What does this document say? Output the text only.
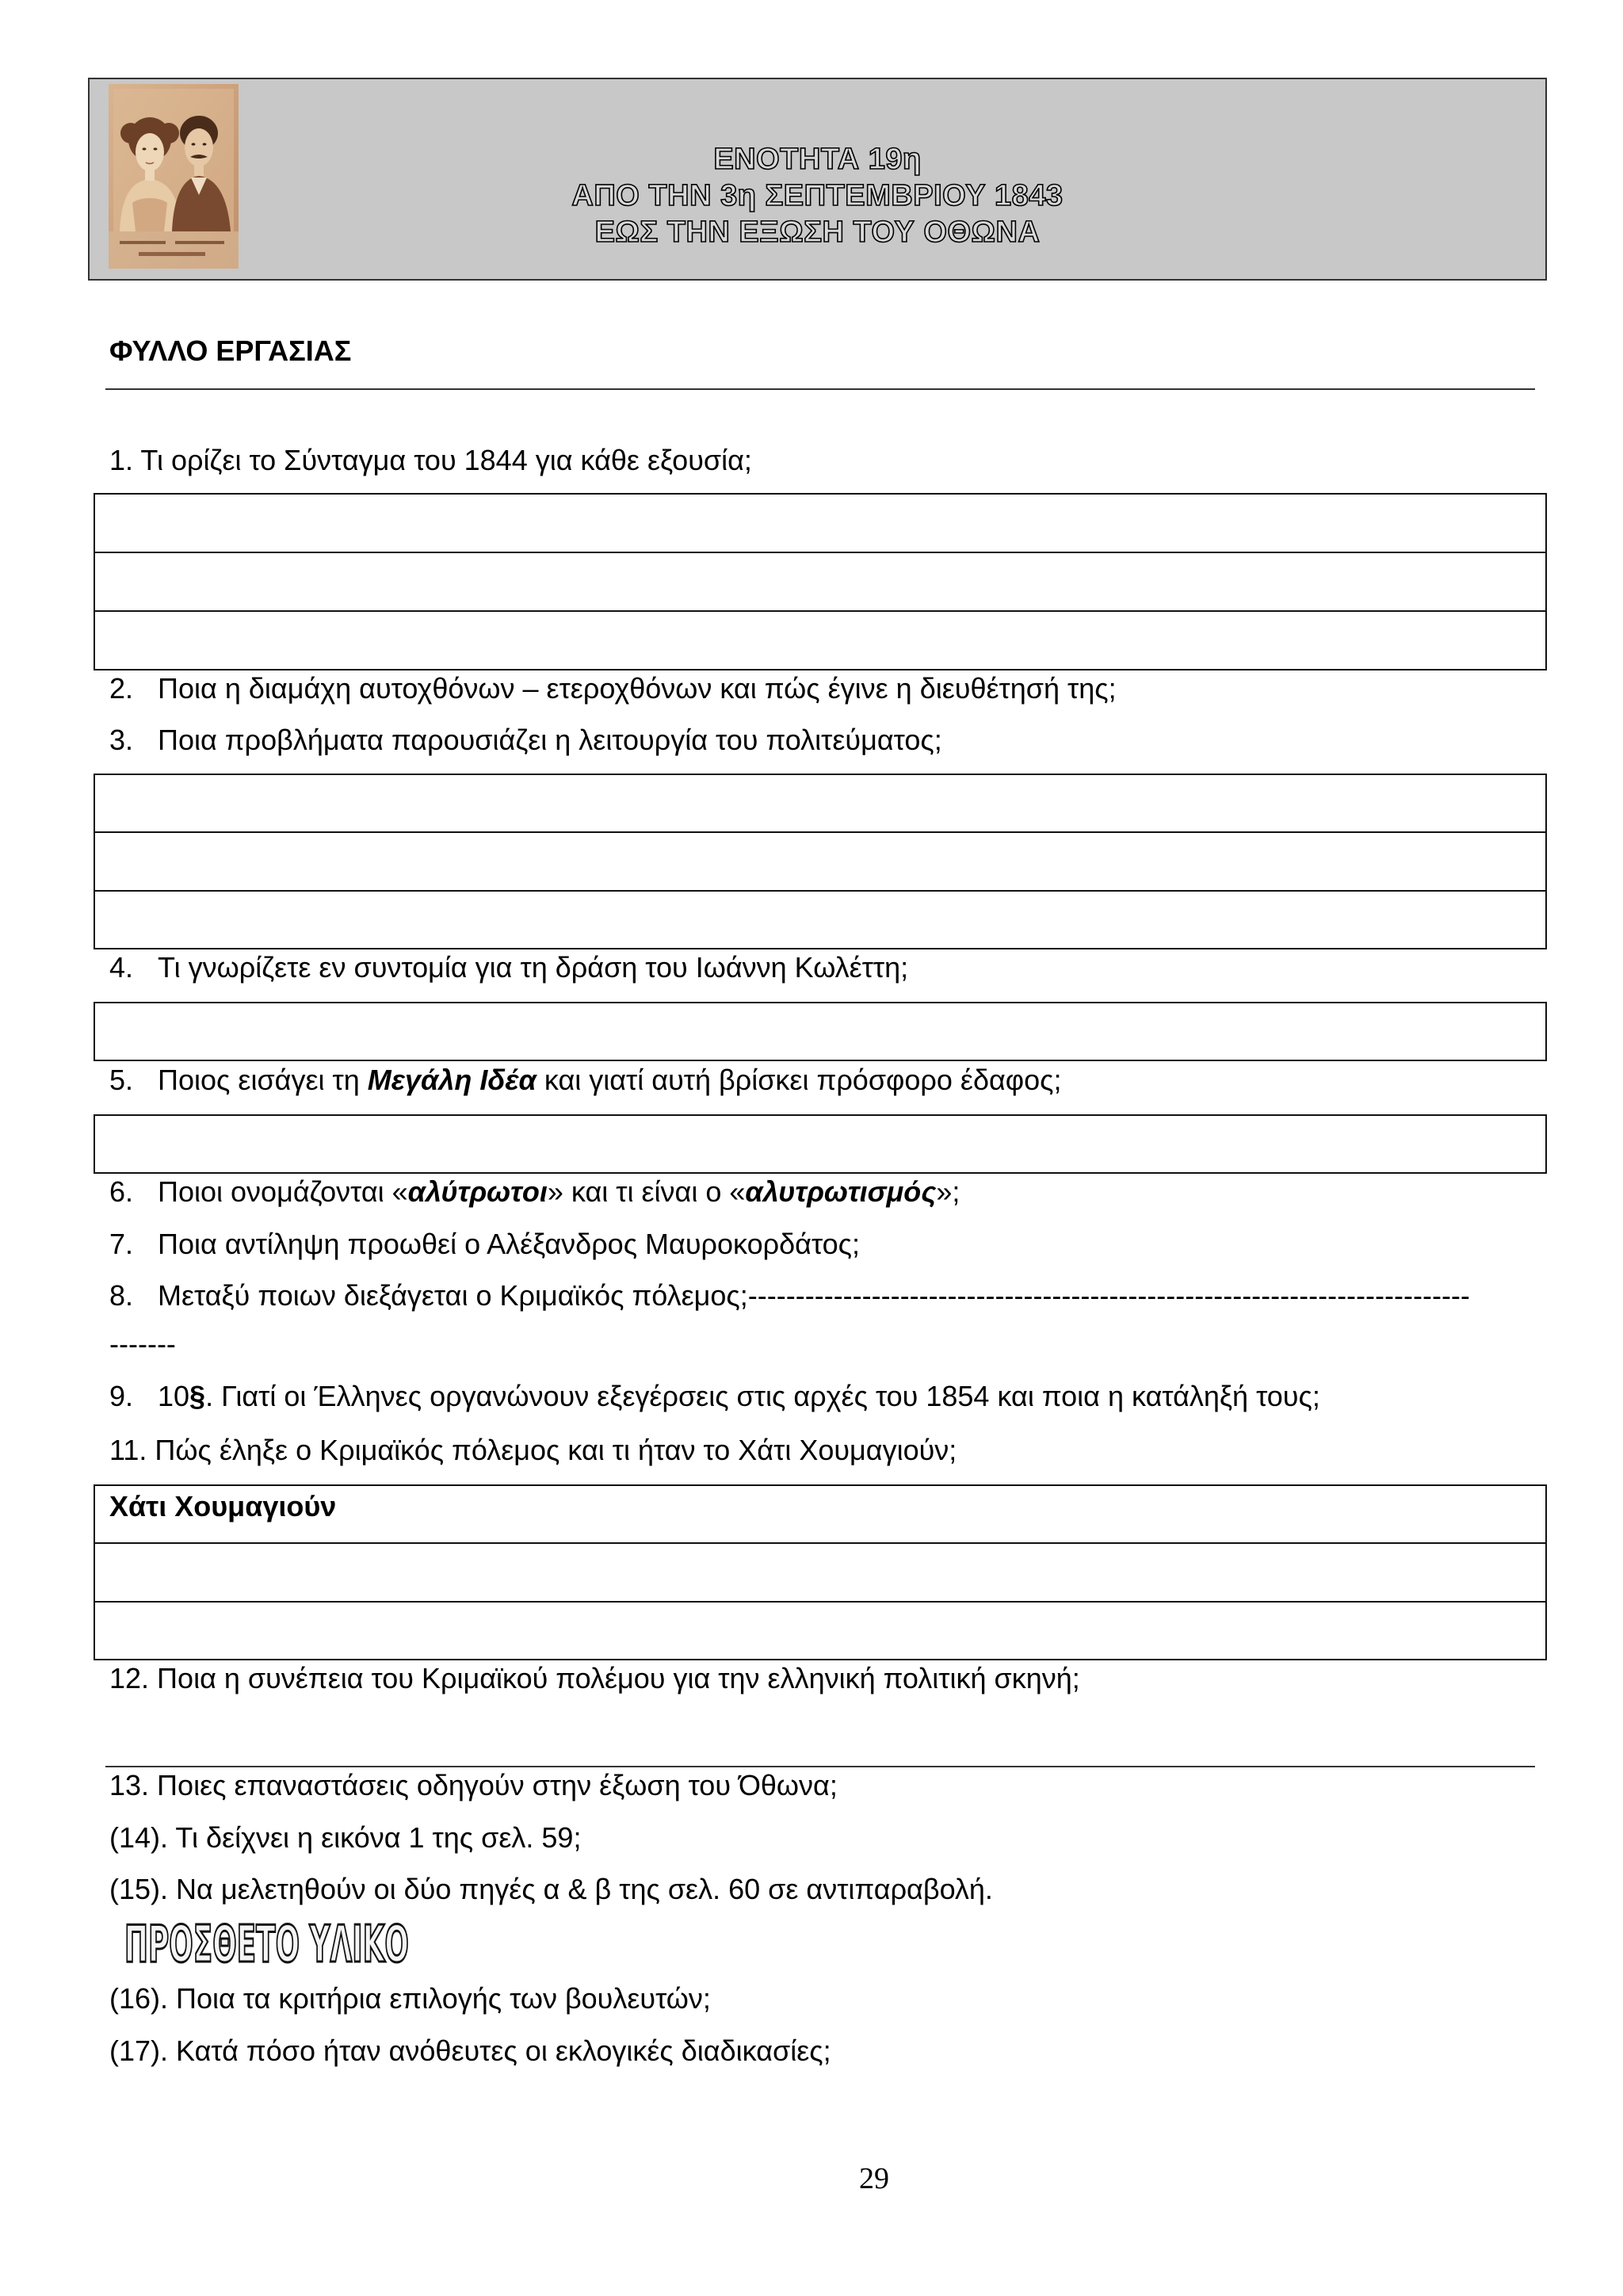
ΕΝΟΤΗΤΑ 19η
ΑΠΟ ΤΗΝ 3η ΣΕΠΤΕΜΒΡΙΟΥ 1843
ΕΩΣ ΤΗΝ ΕΞΩΣΗ ΤΟΥ ΟΘΩΝΑ
ΦΥΛΛΟ ΕΡΓΑΣΙΑΣ
1. Τι ορίζει το Σύνταγμα του 1844 για κάθε εξουσία;
2. Ποια η διαμάχη αυτοχθόνων – ετεροχθόνων και πώς έγινε η διευθέτησή της;
3. Ποια προβλήματα παρουσιάζει η λειτουργία του πολιτεύματος;
4. Τι γνωρίζετε εν συντομία για τη δράση του Ιωάννη Κωλέττη;
5. Ποιος εισάγει τη Μεγάλη Ιδέα και γιατί αυτή βρίσκει πρόσφορο έδαφος;
6. Ποιοι ονομάζονται «αλύτρωτοι» και τι είναι ο «αλυτρωτισμός»;
7. Ποια αντίληψη προωθεί ο Αλέξανδρος Μαυροκορδάτος;
8. Μεταξύ ποιων διεξάγεται ο Κριμαϊκός πόλεμος;----------------------------------------------------------------------------
-------
9. 10§. Γιατί οι Έλληνες οργανώνουν εξεγέρσεις στις αρχές του 1854 και ποια η κατάληξή τους;
11. Πώς έληξε ο Κριμαϊκός πόλεμος και τι ήταν το Χάτι Χουμαγιούν;
Χάτι Χουμαγιούν
12. Ποια η συνέπεια του Κριμαϊκού πολέμου για την ελληνική πολιτική σκηνή;
13. Ποιες επαναστάσεις οδηγούν στην έξωση του Όθωνα;
(14). Τι δείχνει η εικόνα 1 της σελ. 59;
(15). Να μελετηθούν οι δύο πηγές α & β της σελ. 60 σε αντιπαραβολή.
ΠΡΟΣΘΕΤΟ ΥΛΙΚΟ
(16). Ποια τα κριτήρια επιλογής των βουλευτών;
(17). Κατά πόσο ήταν ανόθευτες οι εκλογικές διαδικασίες;
29
